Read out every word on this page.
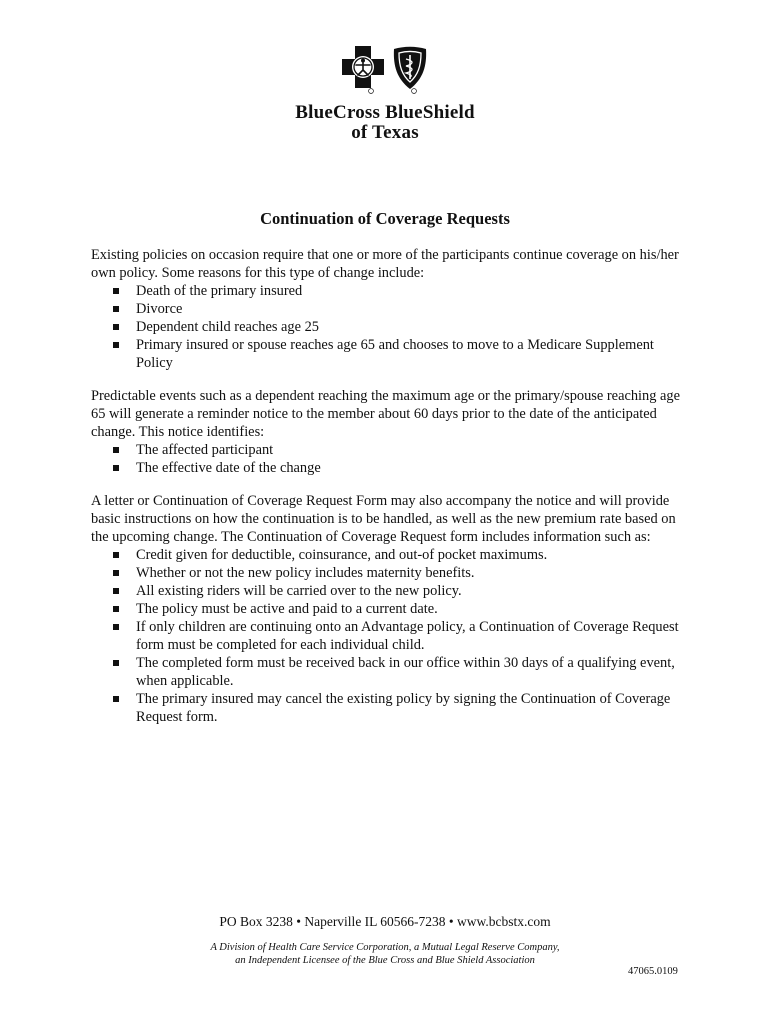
BlueCross BlueShield
of Texas
Continuation of Coverage Requests

Existing policies on occasion require that one or more of the participants continue coverage on his/her own policy. Some reasons for this type of change include:

Death of the primary insured
Divorce
Dependent child reaches age 25
Primary insured or spouse reaches age 65 and chooses to move to a Medicare Supplement Policy

Predictable events such as a dependent reaching the maximum age or the primary/spouse reaching age 65 will generate a reminder notice to the member about 60 days prior to the date of the anticipated change. This notice identifies:

The affected participant
The effective date of the change

A letter or Continuation of Coverage Request Form may also accompany the notice and will provide basic instructions on how the continuation is to be handled, as well as the new premium rate based on the upcoming change. The Continuation of Coverage Request form includes information such as:

Credit given for deductible, coinsurance, and out-of pocket maximums.
Whether or not the new policy includes maternity benefits.
All existing riders will be carried over to the new policy.
The policy must be active and paid to a current date.
If only children are continuing onto an Advantage policy, a Continuation of Coverage Request form must be completed for each individual child.
The completed form must be received back in our office within 30 days of a qualifying event, when applicable.
The primary insured may cancel the existing policy by signing the Continuation of Coverage Request form.
PO Box 3238 • Naperville IL 60566-7238 • www.bcbstx.com
A Division of Health Care Service Corporation, a Mutual Legal Reserve Company,
an Independent Licensee of the Blue Cross and Blue Shield Association
47065.0109
